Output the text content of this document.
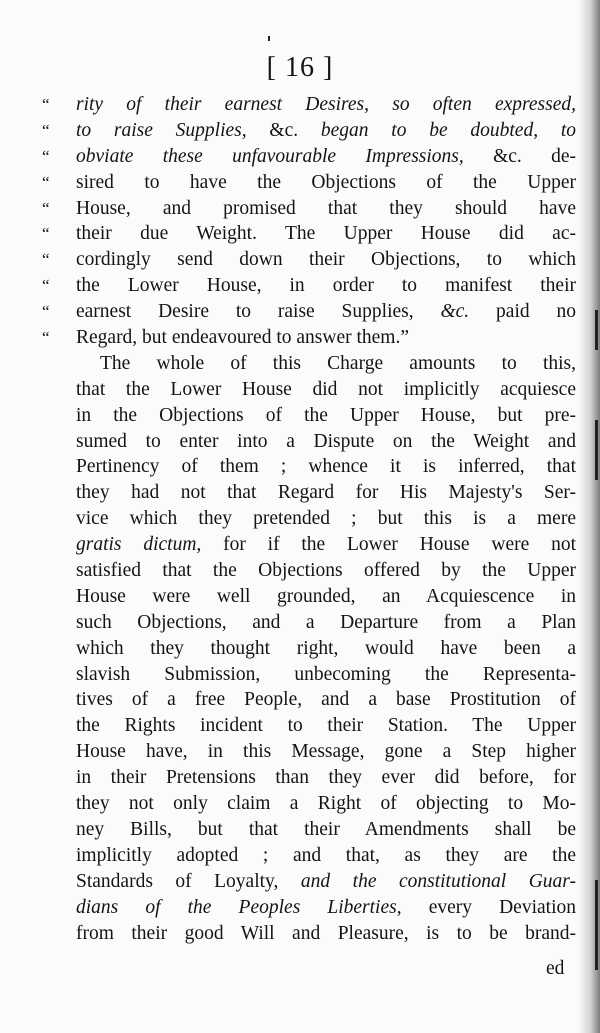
[ 16 ]
“	rity of their earnest Desires, so often expressed,
“	to raise Supplies, &c. began to be doubted, to
“	obviate these unfavourable Impressions, &c. de-
“	sired to have the Objections of the Upper
“	House, and promised that they should have
“	their due Weight. The Upper House did ac-
“	cordingly send down their Objections, to which
“	the Lower House, in order to manifest their
“	earnest Desire to raise Supplies, &c. paid no
“	Regard, but endeavoured to answer them.”
The whole of this Charge amounts to this,
that the Lower House did not implicitly acquiesce
in the Objections of the Upper House, but pre-
sumed to enter into a Dispute on the Weight and
Pertinency of them ; whence it is inferred, that
they had not that Regard for His Majesty's Ser-
vice which they pretended ; but this is a mere
gratis dictum, for if the Lower House were not
satisfied that the Objections offered by the Upper
House were well grounded, an Acquiescence in
such Objections, and a Departure from a Plan
which they thought right, would have been a
slavish Submission, unbecoming the Representa-
tives of a free People, and a base Prostitution of
the Rights incident to their Station. The Upper
House have, in this Message, gone a Step higher
in their Pretensions than they ever did before, for
they not only claim a Right of objecting to Mo-
ney Bills, but that their Amendments shall be
implicitly adopted ; and that, as they are the
Standards of Loyalty, and the constitutional Guar-
dians of the Peoples Liberties, every Deviation
from their good Will and Pleasure, is to be brand-
ed
